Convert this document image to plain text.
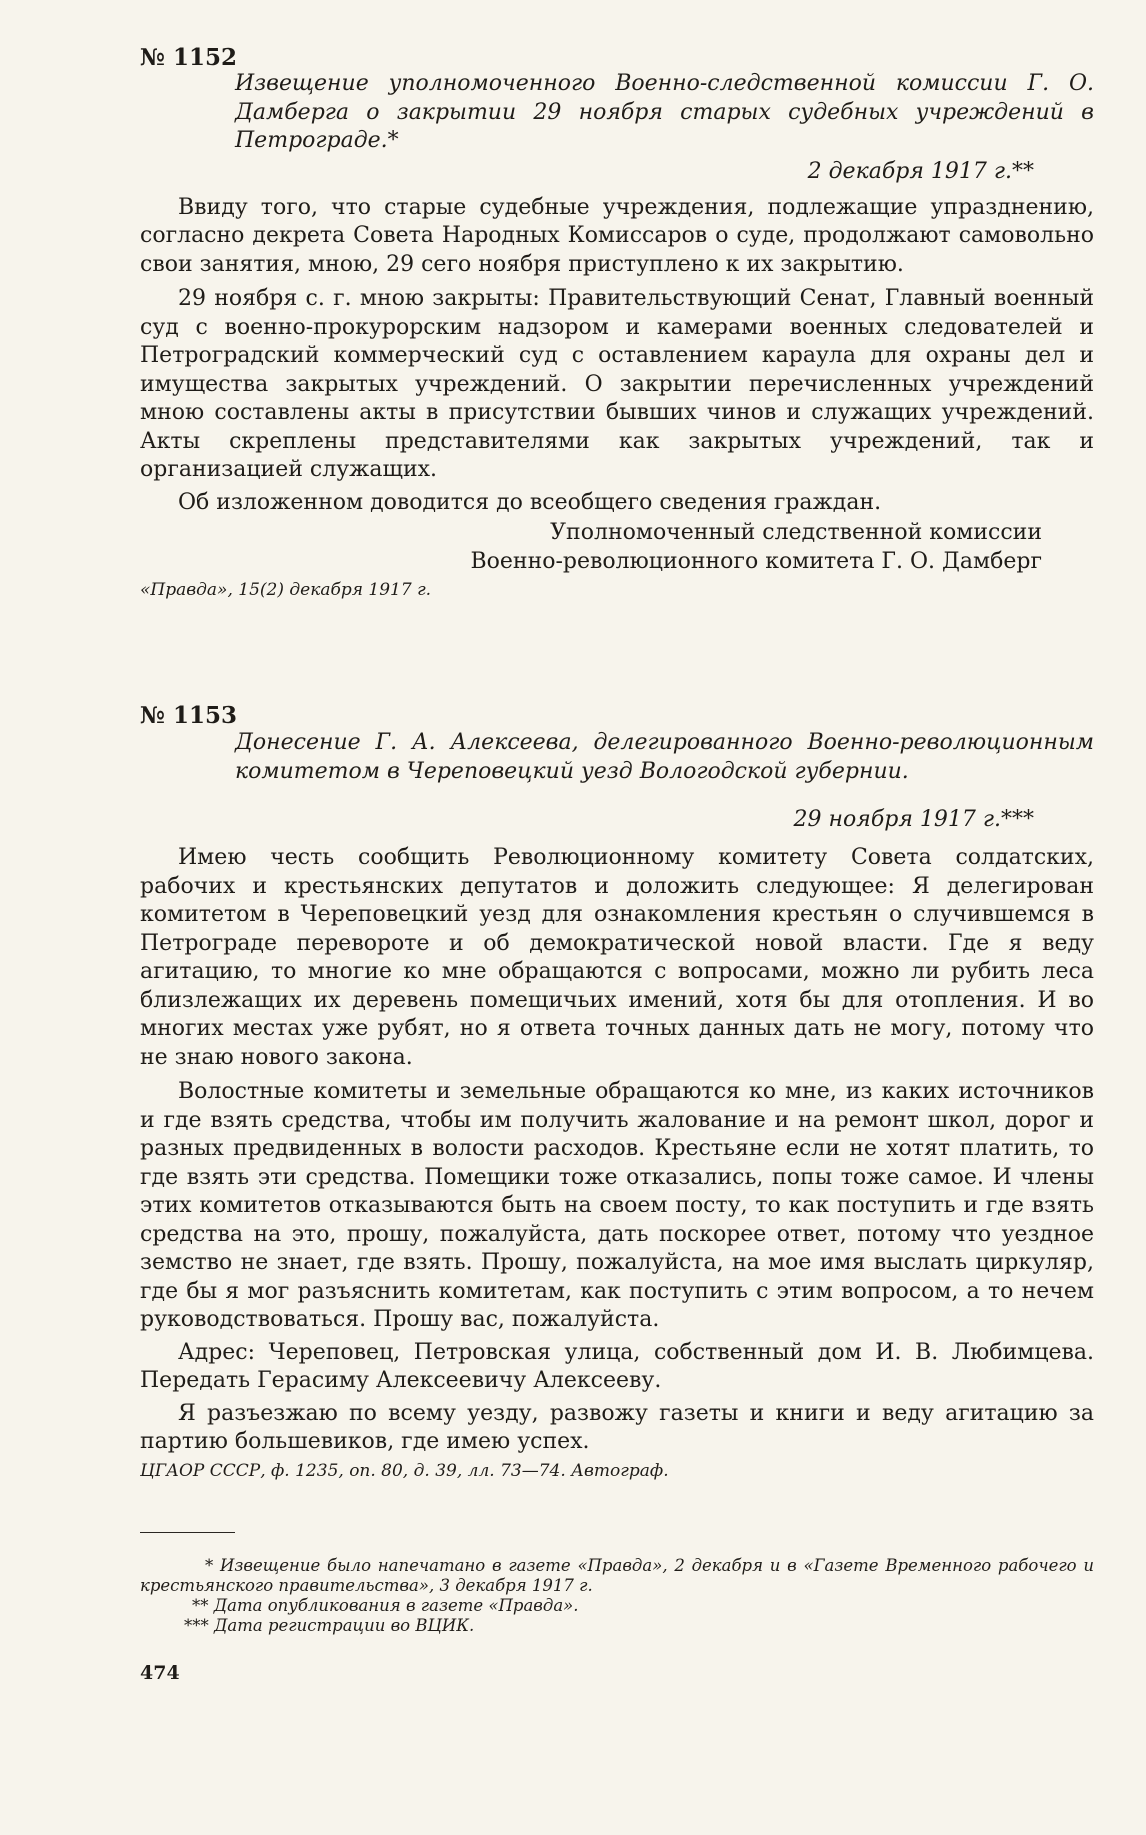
№ 1152

Извещение уполномоченного Военно-следственной комиссии Г. О. Дамберга о закрытии 29 ноября старых судебных учреждений в Петрограде.*

2 декабря 1917 г.**

Ввиду того, что старые судебные учреждения, подлежащие упразднению, согласно декрета Совета Народных Комиссаров о суде, продолжают самовольно свои занятия, мною, 29 сего ноября приступлено к их закрытию.

29 ноября с. г. мною закрыты: Правительствующий Сенат, Главный военный суд с военно-прокурорским надзором и камерами военных следователей и Петроградский коммерческий суд с оставлением караула для охраны дел и имущества закрытых учреждений. О закрытии перечисленных учреждений мною составлены акты в присутствии бывших чинов и служащих учреждений. Акты скреплены представителями как закрытых учреждений, так и организацией служащих.

Об изложенном доводится до всеобщего сведения граждан.

Уполномоченный следственной комиссии

Военно-революционного комитета Г. О. Дамберг

«Правда», 15(2) декабря 1917 г.

№ 1153

Донесение Г. А. Алексеева, делегированного Военно-революционным комитетом в Череповецкий уезд Вологодской губернии.

29 ноября 1917 г.***

Имею честь сообщить Революционному комитету Совета солдатских, рабочих и крестьянских депутатов и доложить следующее: Я делегирован комитетом в Череповецкий уезд для ознакомления крестьян о случившемся в Петрограде перевороте и об демократической новой власти. Где я веду агитацию, то многие ко мне обращаются с вопросами, можно ли рубить леса близлежащих их деревень помещичьих имений, хотя бы для отопления. И во многих местах уже рубят, но я ответа точных данных дать не могу, потому что не знаю нового закона.

Волостные комитеты и земельные обращаются ко мне, из каких источников и где взять средства, чтобы им получить жалование и на ремонт школ, дорог и разных предвиденных в волости расходов. Крестьяне если не хотят платить, то где взять эти средства. Помещики тоже отказались, попы тоже самое. И члены этих комитетов отказываются быть на своем посту, то как поступить и где взять средства на это, прошу, пожалуйста, дать поскорее ответ, потому что уездное земство не знает, где взять. Прошу, пожалуйста, на мое имя выслать циркуляр, где бы я мог разъяснить комитетам, как поступить с этим вопросом, а то нечем руководствоваться. Прошу вас, пожалуйста.

Адрес: Череповец, Петровская улица, собственный дом И. В. Любимцева. Передать Герасиму Алексеевичу Алексееву.

Я разъезжаю по всему уезду, развожу газеты и книги и веду агитацию за партию большевиков, где имею успех.

ЦГАОР СССР, ф. 1235, оп. 80, д. 39, лл. 73—74. Автограф.

* Извещение было напечатано в газете «Правда», 2 декабря и в «Газете Временного рабочего и крестьянского правительства», 3 декабря 1917 г.

** Дата опубликования в газете «Правда».

*** Дата регистрации во ВЦИК.

474
